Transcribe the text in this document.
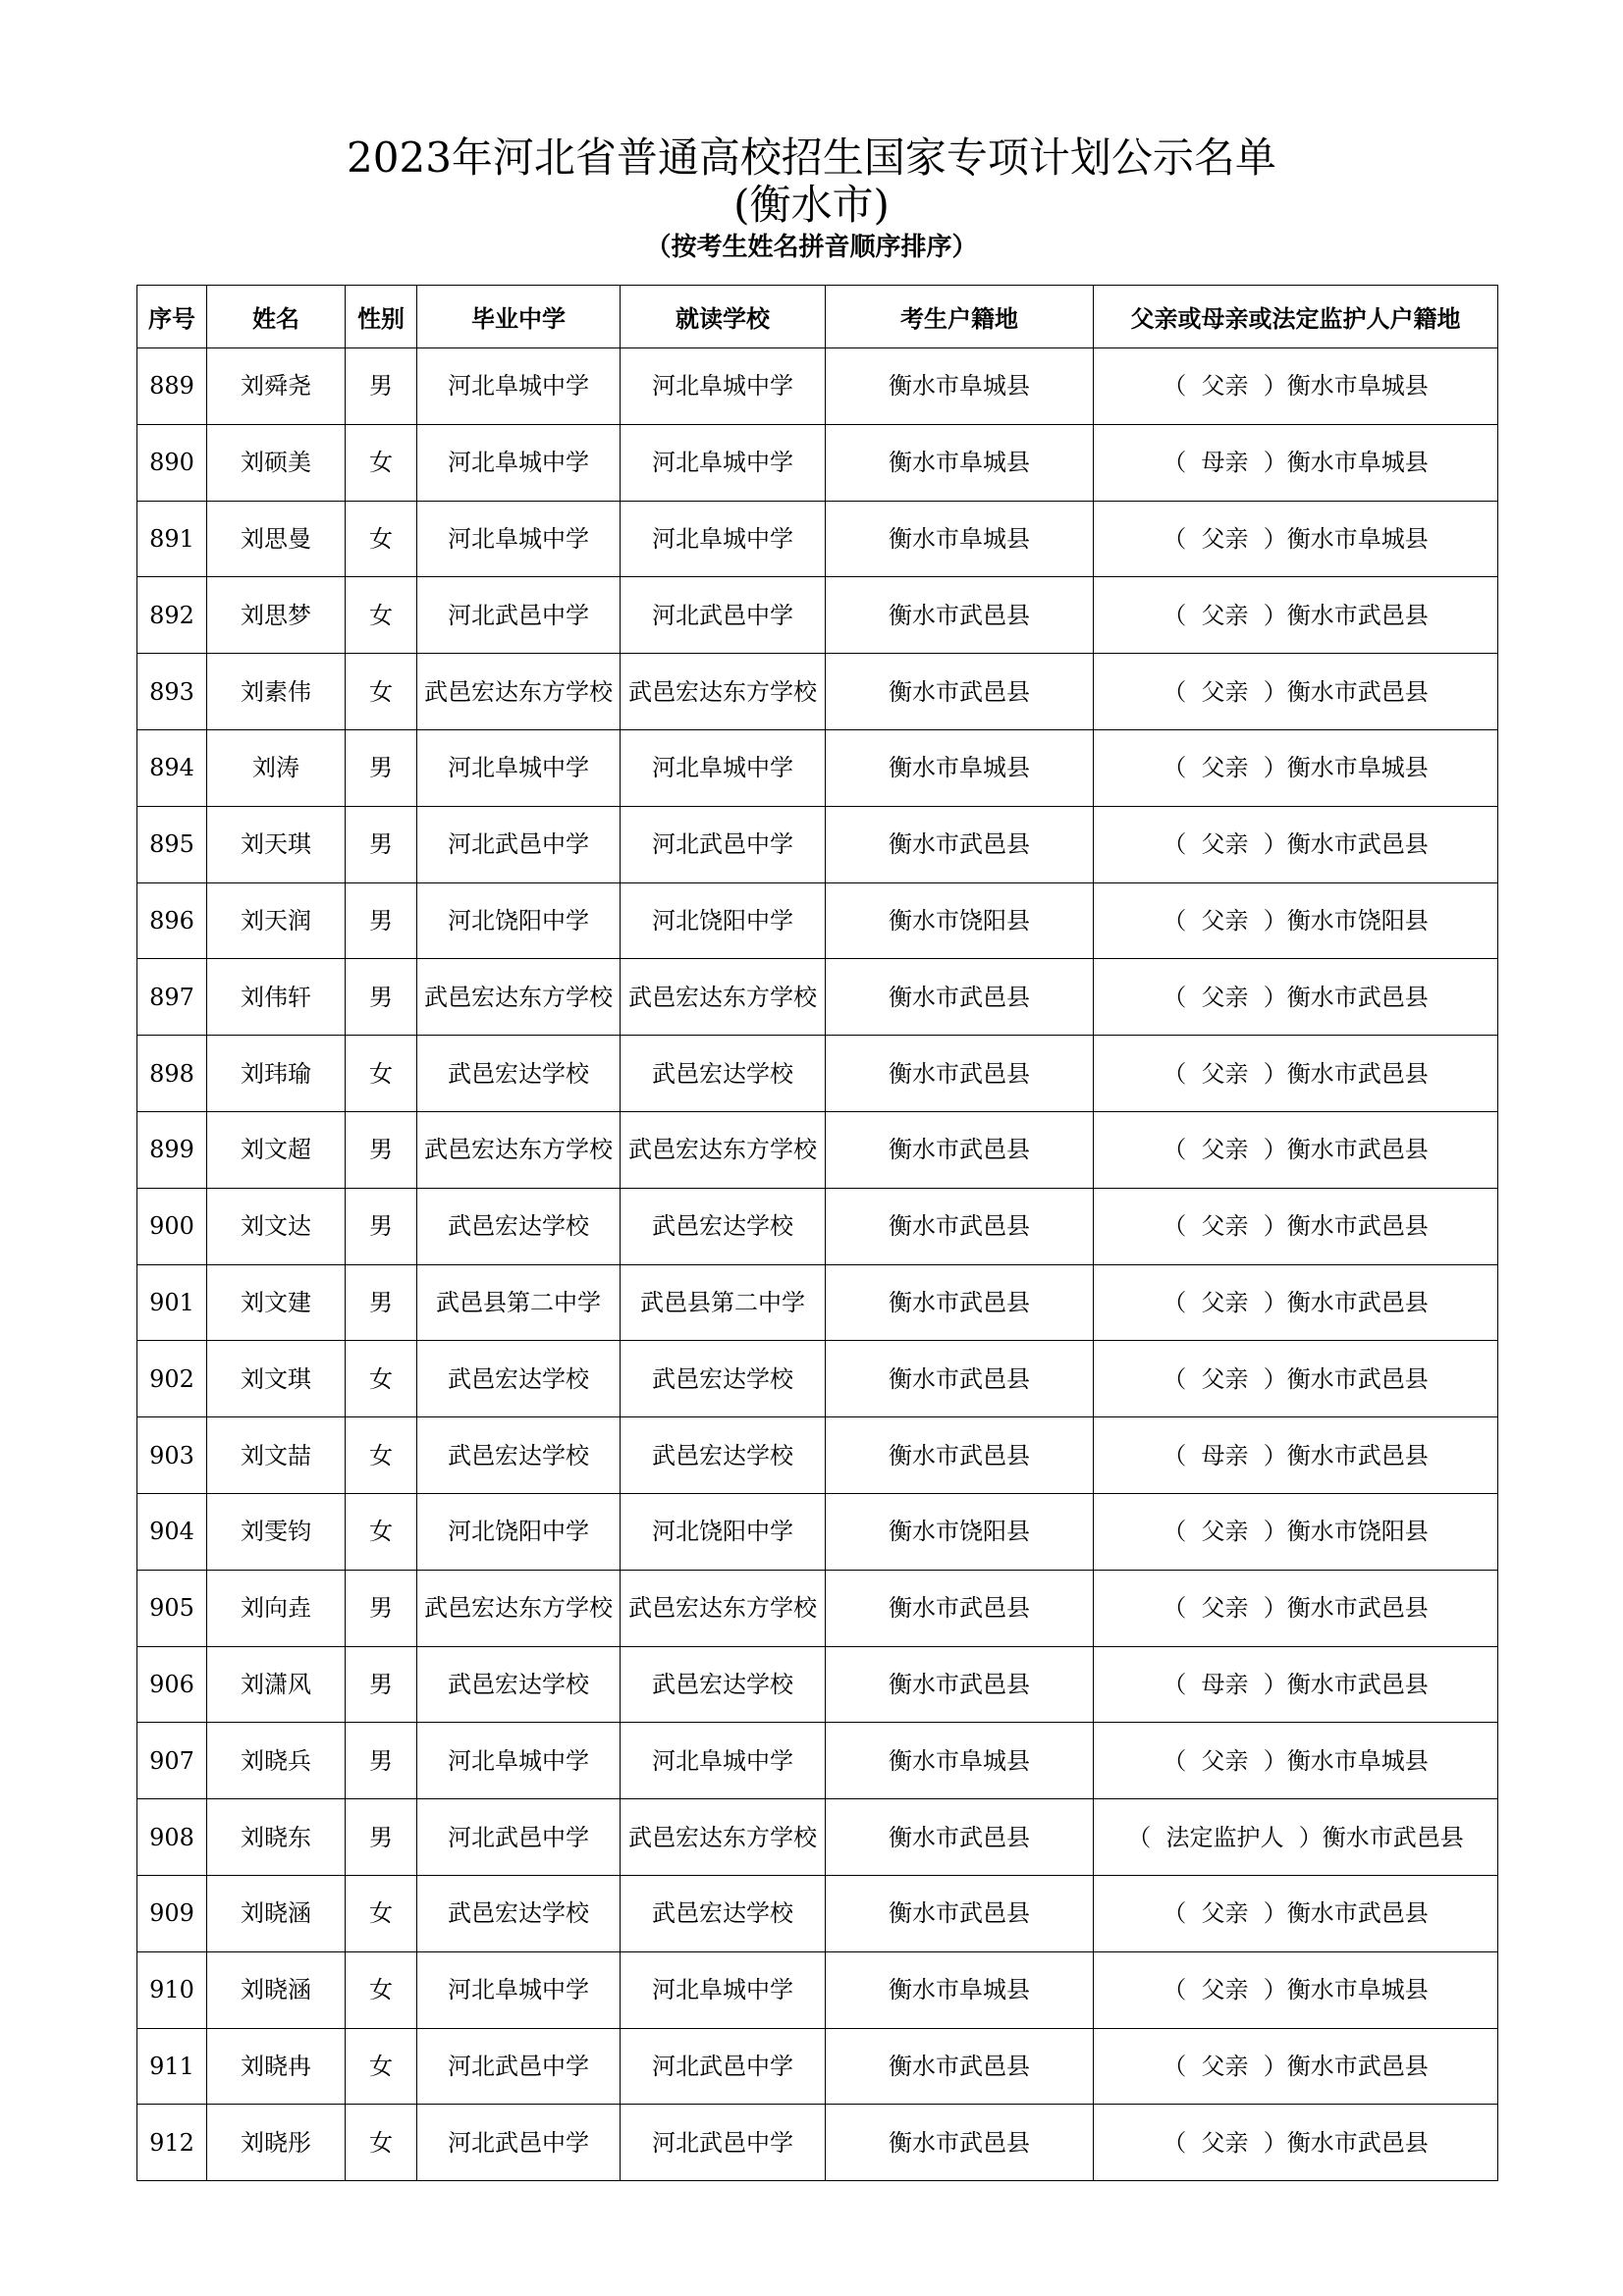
2023年河北省普通高校招生国家专项计划公示名单
(衡水市)
（按考生姓名拼音顺序排序）
序号	姓名	性别	毕业中学	就读学校	考生户籍地	父亲或母亲或法定监护人户籍地
889	刘舜尧	男	河北阜城中学	河北阜城中学	衡水市阜城县	（  父亲  ）衡水市阜城县
890	刘硕美	女	河北阜城中学	河北阜城中学	衡水市阜城县	（  母亲  ）衡水市阜城县
891	刘思曼	女	河北阜城中学	河北阜城中学	衡水市阜城县	（  父亲  ）衡水市阜城县
892	刘思梦	女	河北武邑中学	河北武邑中学	衡水市武邑县	（  父亲  ）衡水市武邑县
893	刘素伟	女	武邑宏达东方学校	武邑宏达东方学校	衡水市武邑县	（  父亲  ）衡水市武邑县
894	刘涛	男	河北阜城中学	河北阜城中学	衡水市阜城县	（  父亲  ）衡水市阜城县
895	刘天琪	男	河北武邑中学	河北武邑中学	衡水市武邑县	（  父亲  ）衡水市武邑县
896	刘天润	男	河北饶阳中学	河北饶阳中学	衡水市饶阳县	（  父亲  ）衡水市饶阳县
897	刘伟轩	男	武邑宏达东方学校	武邑宏达东方学校	衡水市武邑县	（  父亲  ）衡水市武邑县
898	刘玮瑜	女	武邑宏达学校	武邑宏达学校	衡水市武邑县	（  父亲  ）衡水市武邑县
899	刘文超	男	武邑宏达东方学校	武邑宏达东方学校	衡水市武邑县	（  父亲  ）衡水市武邑县
900	刘文达	男	武邑宏达学校	武邑宏达学校	衡水市武邑县	（  父亲  ）衡水市武邑县
901	刘文建	男	武邑县第二中学	武邑县第二中学	衡水市武邑县	（  父亲  ）衡水市武邑县
902	刘文琪	女	武邑宏达学校	武邑宏达学校	衡水市武邑县	（  父亲  ）衡水市武邑县
903	刘文喆	女	武邑宏达学校	武邑宏达学校	衡水市武邑县	（  母亲  ）衡水市武邑县
904	刘雯钧	女	河北饶阳中学	河北饶阳中学	衡水市饶阳县	（  父亲  ）衡水市饶阳县
905	刘向垚	男	武邑宏达东方学校	武邑宏达东方学校	衡水市武邑县	（  父亲  ）衡水市武邑县
906	刘潇风	男	武邑宏达学校	武邑宏达学校	衡水市武邑县	（  母亲  ）衡水市武邑县
907	刘晓兵	男	河北阜城中学	河北阜城中学	衡水市阜城县	（  父亲  ）衡水市阜城县
908	刘晓东	男	河北武邑中学	武邑宏达东方学校	衡水市武邑县	（  法定监护人  ）衡水市武邑县
909	刘晓涵	女	武邑宏达学校	武邑宏达学校	衡水市武邑县	（  父亲  ）衡水市武邑县
910	刘晓涵	女	河北阜城中学	河北阜城中学	衡水市阜城县	（  父亲  ）衡水市阜城县
911	刘晓冉	女	河北武邑中学	河北武邑中学	衡水市武邑县	（  父亲  ）衡水市武邑县
912	刘晓彤	女	河北武邑中学	河北武邑中学	衡水市武邑县	（  父亲  ）衡水市武邑县
